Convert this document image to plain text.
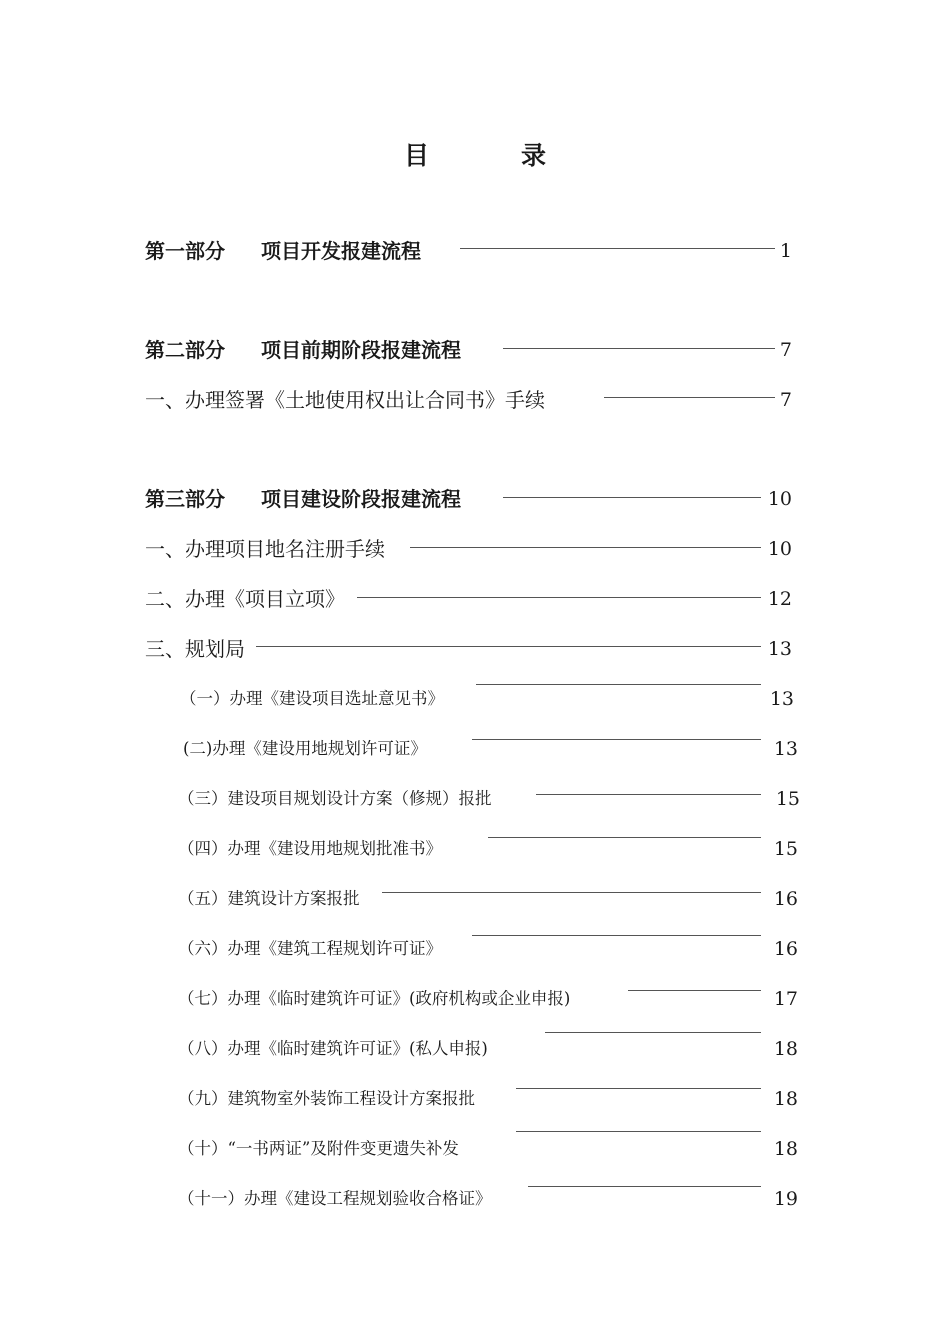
目	录
第一部分 项目开发报建流程	1
第二部分 项目前期阶段报建流程	7
一、办理签署《土地使用权出让合同书》手续	7
第三部分 项目建设阶段报建流程	10
一、办理项目地名注册手续	10
二、办理《项目立项》	12
三、规划局	13
（一）办理《建设项目选址意见书》	13
(二)办理《建设用地规划许可证》	13
（三）建设项目规划设计方案（修规）报批	15
（四）办理《建设用地规划批准书》	15
（五）建筑设计方案报批	16
（六）办理《建筑工程规划许可证》	16
（七）办理《临时建筑许可证》(政府机构或企业申报)	17
（八）办理《临时建筑许可证》(私人申报)	18
（九）建筑物室外装饰工程设计方案报批	18
（十）“一书两证”及附件变更遗失补发	18
（十一）办理《建设工程规划验收合格证》	19
